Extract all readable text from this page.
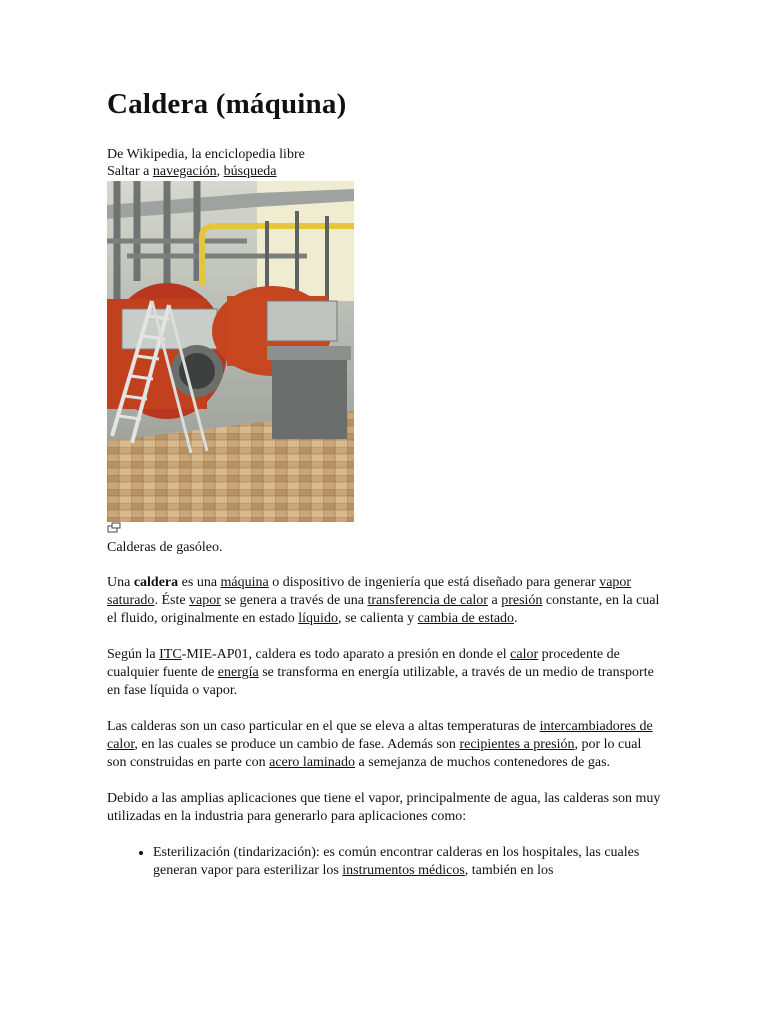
Caldera (máquina)
De Wikipedia, la enciclopedia libre
Saltar a navegación, búsqueda
Calderas de gasóleo.

Una caldera es una máquina o dispositivo de ingeniería que está diseñado para generar vapor saturado. Éste vapor se genera a través de una transferencia de calor a presión constante, en la cual el fluido, originalmente en estado líquido, se calienta y cambia de estado.

Según la ITC-MIE-AP01, caldera es todo aparato a presión en donde el calor procedente de cualquier fuente de energía se transforma en energía utilizable, a través de un medio de transporte en fase líquida o vapor.

Las calderas son un caso particular en el que se eleva a altas temperaturas de intercambiadores de calor, en las cuales se produce un cambio de fase. Además son recipientes a presión, por lo cual son construidas en parte con acero laminado a semejanza de muchos contenedores de gas.

Debido a las amplias aplicaciones que tiene el vapor, principalmente de agua, las calderas son muy utilizadas en la industria para generarlo para aplicaciones como:

• Esterilización (tindarización): es común encontrar calderas en los hospitales, las cuales generan vapor para esterilizar los instrumentos médicos, también en los
